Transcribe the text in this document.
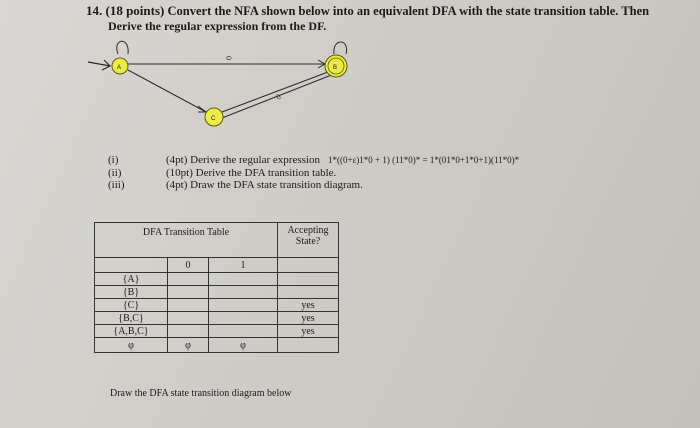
14. (18 points) Convert the NFA shown below into an equivalent DFA with the state transition table. Then
Derive the regular expression from the DF.
0
0
A	B
C
(i)	(4pt) Derive the regular expression 1*((0+ε)1*0 + 1) (11*0)* = 1*(01*0+1*0+1)(11*0)*
(ii)	(10pt) Derive the DFA transition table.
(iii)	(4pt) Draw the DFA state transition diagram.
DFA Transition Table			Accepting State?
	0	1	
{A}			
{B}			
{C}			yes
{B,C}			yes
{A,B,C}			yes
φ	φ	φ	
Draw the DFA state transition diagram below
